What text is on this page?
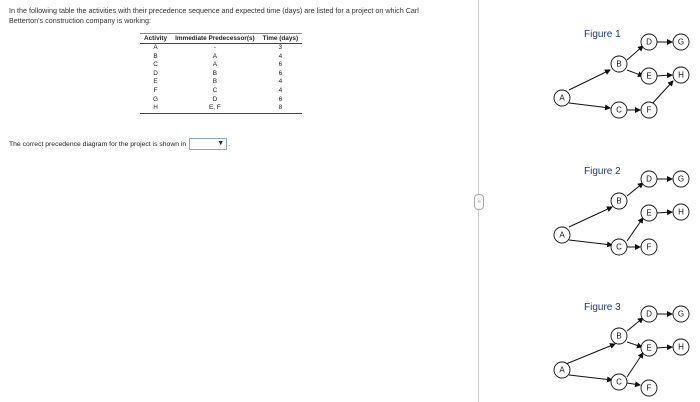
In the following table the activities with their precedence sequence and expected time (days) are listed for a project on which Carl Betterton's construction company is working:
Activity	Immediate Predecessor(s)	Time (days)
A	-	3
B	A	4
C	A	6
D	B	6
E	B	4
F	C	4
G	D	6
H	E, F	8
The correct precedence diagram for the project is shown in	▼ .
‹›
Figure 1
A
B
C
D
E
F
G
H
Figure 2
A
B
C
D
E
F
G
H
Figure 3
A
B
C
D
E
F
G
H
